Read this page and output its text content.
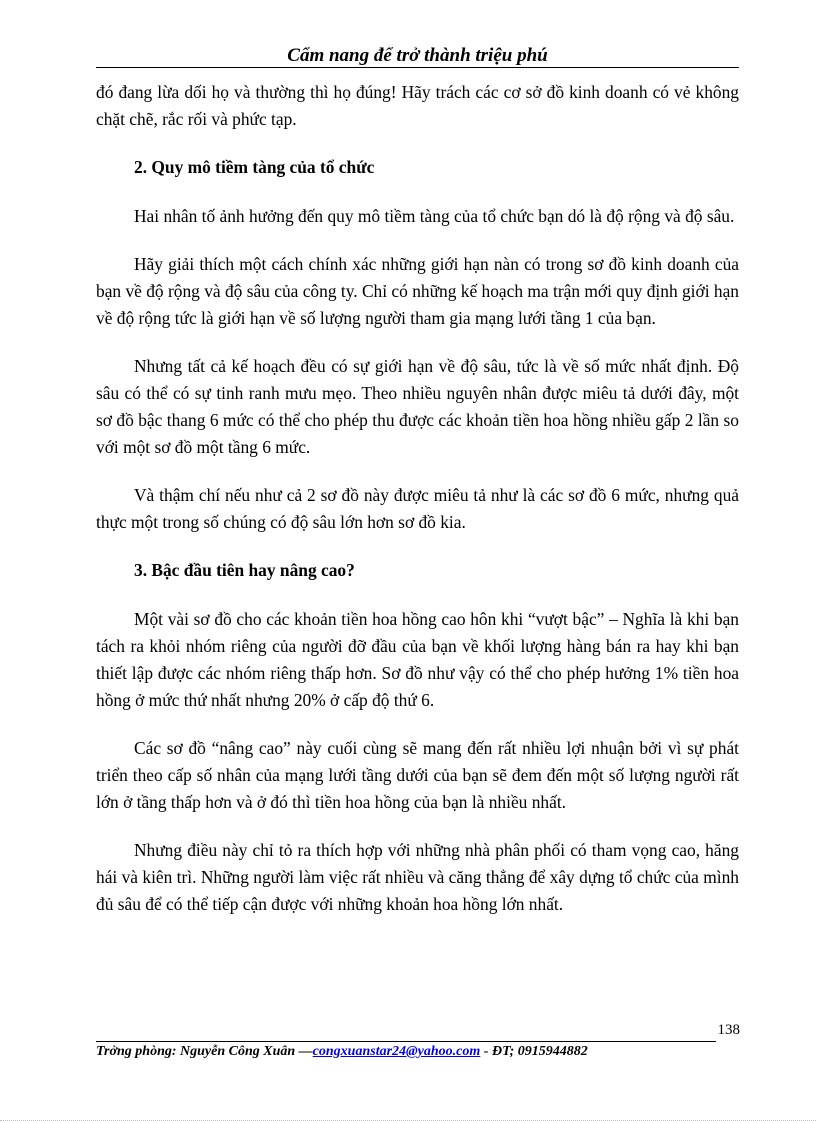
Cẩm nang để trở thành triệu phú

đó đang lừa dối họ và thường thì họ đúng! Hãy trách các cơ sở đồ kinh doanh có vẻ không chặt chẽ, rắc rối và phức tạp.

2. Quy mô tiềm tàng của tổ chức

Hai nhân tố ảnh hưởng đến quy mô tiềm tàng của tổ chức bạn dó là độ rộng và độ sâu.

Hãy giải thích một cách chính xác những giới hạn nàn có trong sơ đồ kinh doanh của bạn về độ rộng và độ sâu của công ty. Chỉ có những kế hoạch ma trận mới quy định giới hạn về độ rộng tức là giới hạn về số lượng người tham gia mạng lưới tầng 1 của bạn.

Nhưng tất cả kế hoạch đều có sự giới hạn về độ sâu, tức là về số mức nhất định. Độ sâu có thể có sự tinh ranh mưu mẹo. Theo nhiều nguyên nhân được miêu tả dưới đây, một sơ đồ bậc thang 6 mức có thể cho phép thu được các khoản tiền hoa hồng nhiều gấp 2 lần so với một sơ đồ một tầng 6 mức.

Và thậm chí nếu như cả 2 sơ đồ này được miêu tả như là các sơ đồ 6 mức, nhưng quả thực một trong số chúng có độ sâu lớn hơn sơ đồ kia.

3. Bậc đầu tiên hay nâng cao?

Một vài sơ đồ cho các khoản tiền hoa hồng cao hôn khi “vượt bậc” – Nghĩa là khi bạn tách ra khỏi nhóm riêng của người đỡ đầu của bạn về khối lượng hàng bán ra hay khi bạn thiết lập được các nhóm riêng thấp hơn. Sơ đồ như vậy có thể cho phép hưởng 1% tiền hoa hồng ở mức thứ nhất nhưng 20% ở cấp độ thứ 6.

Các sơ đồ “nâng cao” này cuối cùng sẽ mang đến rất nhiều lợi nhuận bởi vì sự phát triển theo cấp số nhân của mạng lưới tầng dưới của bạn sẽ đem đến một số lượng người rất lớn ở tầng thấp hơn và ở đó thì tiền hoa hồng của bạn là nhiều nhất.

Nhưng điều này chỉ tỏ ra thích hợp với những nhà phân phối có tham vọng cao, hăng hái và kiên trì. Những người làm việc rất nhiều và căng thẳng để xây dựng tổ chức của mình đủ sâu để có thể tiếp cận được với những khoản hoa hồng lớn nhất.

138
Trởng phòng: Nguyễn Công Xuân —congxuanstar24@yahoo.com - ĐT; 0915944882
